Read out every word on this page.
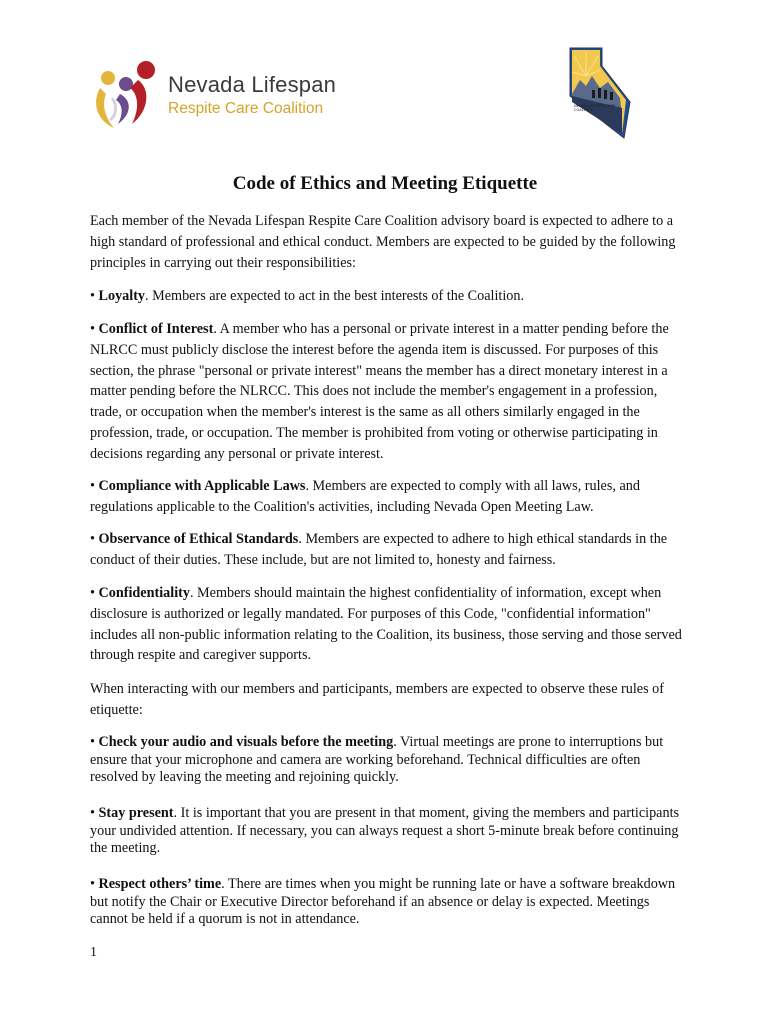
Nevada Lifespan
Respite Care Coalition	NEVADA RESPITE CARE COALITION
Code of Ethics and Meeting Etiquette

Each member of the Nevada Lifespan Respite Care Coalition advisory board is expected to adhere to a high standard of professional and ethical conduct. Members are expected to be guided by the following principles in carrying out their responsibilities:

• Loyalty. Members are expected to act in the best interests of the Coalition.

• Conflict of Interest. A member who has a personal or private interest in a matter pending before the NLRCC must publicly disclose the interest before the agenda item is discussed. For purposes of this section, the phrase "personal or private interest" means the member has a direct monetary interest in a matter pending before the NLRCC. This does not include the member's engagement in a profession, trade, or occupation when the member's interest is the same as all others similarly engaged in the profession, trade, or occupation. The member is prohibited from voting or otherwise participating in decisions regarding any personal or private interest.

• Compliance with Applicable Laws. Members are expected to comply with all laws, rules, and regulations applicable to the Coalition's activities, including Nevada Open Meeting Law.

• Observance of Ethical Standards. Members are expected to adhere to high ethical standards in the conduct of their duties. These include, but are not limited to, honesty and fairness.

• Confidentiality. Members should maintain the highest confidentiality of information, except when disclosure is authorized or legally mandated. For purposes of this Code, "confidential information" includes all non-public information relating to the Coalition, its business, those serving and those served through respite and caregiver supports.

When interacting with our members and participants, members are expected to observe these rules of etiquette:

• Check your audio and visuals before the meeting. Virtual meetings are prone to interruptions but ensure that your microphone and camera are working beforehand. Technical difficulties are often resolved by leaving the meeting and rejoining quickly.

• Stay present. It is important that you are present in that moment, giving the members and participants your undivided attention. If necessary, you can always request a short 5-minute break before continuing the meeting.

• Respect others’ time. There are times when you might be running late or have a software breakdown but notify the Chair or Executive Director beforehand if an absence or delay is expected. Meetings cannot be held if a quorum is not in attendance.

1
